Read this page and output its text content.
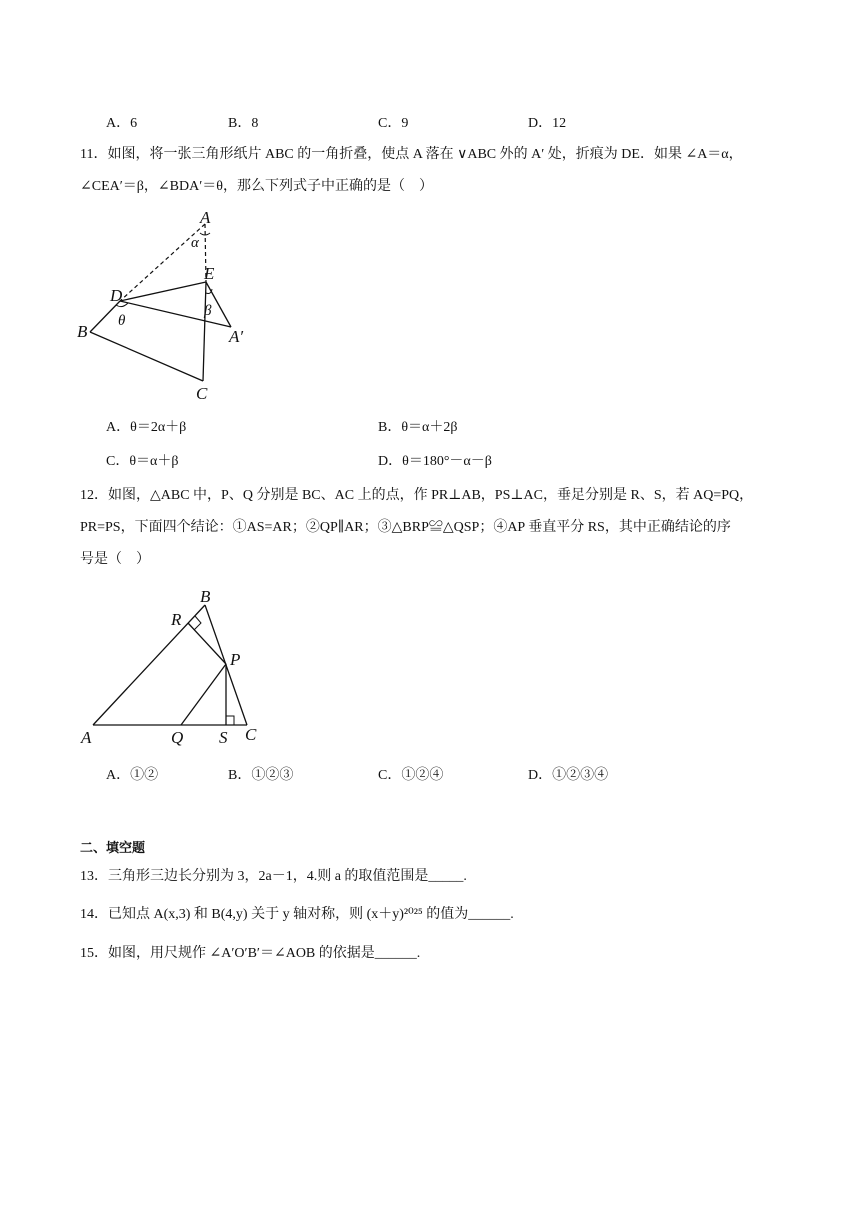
A．6	B．8	C．9	D．12
11．如图，将一张三角形纸片 ABC 的一角折叠，使点 A 落在 ∨ABC 外的 A′ 处，折痕为 DE．如果 ∠A＝α，
∠CEA′＝β，∠BDA′＝θ，那么下列式子中正确的是（　）
A
α
E
D
θ
β
B	A′
C
A．θ＝2α＋β	B．θ＝α＋2β
C．θ＝α＋β	D．θ＝180°－α－β
12．如图，△ABC 中，P、Q 分别是 BC、AC 上的点，作 PR⊥AB，PS⊥AC，垂足分别是 R、S，若 AQ=PQ，
PR=PS，下面四个结论：①AS=AR；②QP∥AR；③△BRP≌△QSP；④AP 垂直平分 RS，其中正确结论的序
号是（　）
B
R
P
A	Q S C
A．①②	B．①②③	C．①②④	D．①②③④
二、填空题
13．三角形三边长分别为 3，2a－1，4.则 a 的取值范围是_____.
14．已知点 A(x,3) 和 B(4,y) 关于 y 轴对称，则 (x＋y)²⁰²⁵ 的值为______.
15．如图，用尺规作 ∠A′O′B′＝∠AOB 的依据是______.
